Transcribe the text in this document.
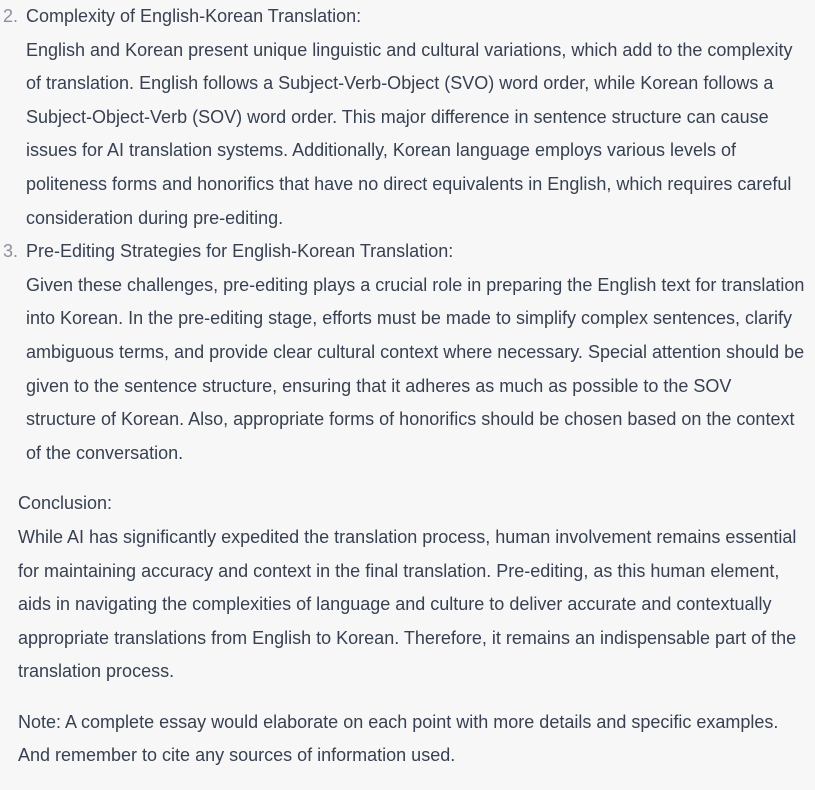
2. Complexity of English-Korean Translation:
English and Korean present unique linguistic and cultural variations, which add to the complexity of translation. English follows a Subject-Verb-Object (SVO) word order, while Korean follows a Subject-Object-Verb (SOV) word order. This major difference in sentence structure can cause issues for AI translation systems. Additionally, Korean language employs various levels of politeness forms and honorifics that have no direct equivalents in English, which requires careful consideration during pre-editing.
3. Pre-Editing Strategies for English-Korean Translation:
Given these challenges, pre-editing plays a crucial role in preparing the English text for translation into Korean. In the pre-editing stage, efforts must be made to simplify complex sentences, clarify ambiguous terms, and provide clear cultural context where necessary. Special attention should be given to the sentence structure, ensuring that it adheres as much as possible to the SOV structure of Korean. Also, appropriate forms of honorifics should be chosen based on the context of the conversation.
Conclusion:
While AI has significantly expedited the translation process, human involvement remains essential for maintaining accuracy and context in the final translation. Pre-editing, as this human element, aids in navigating the complexities of language and culture to deliver accurate and contextually appropriate translations from English to Korean. Therefore, it remains an indispensable part of the translation process.
Note: A complete essay would elaborate on each point with more details and specific examples. And remember to cite any sources of information used.
